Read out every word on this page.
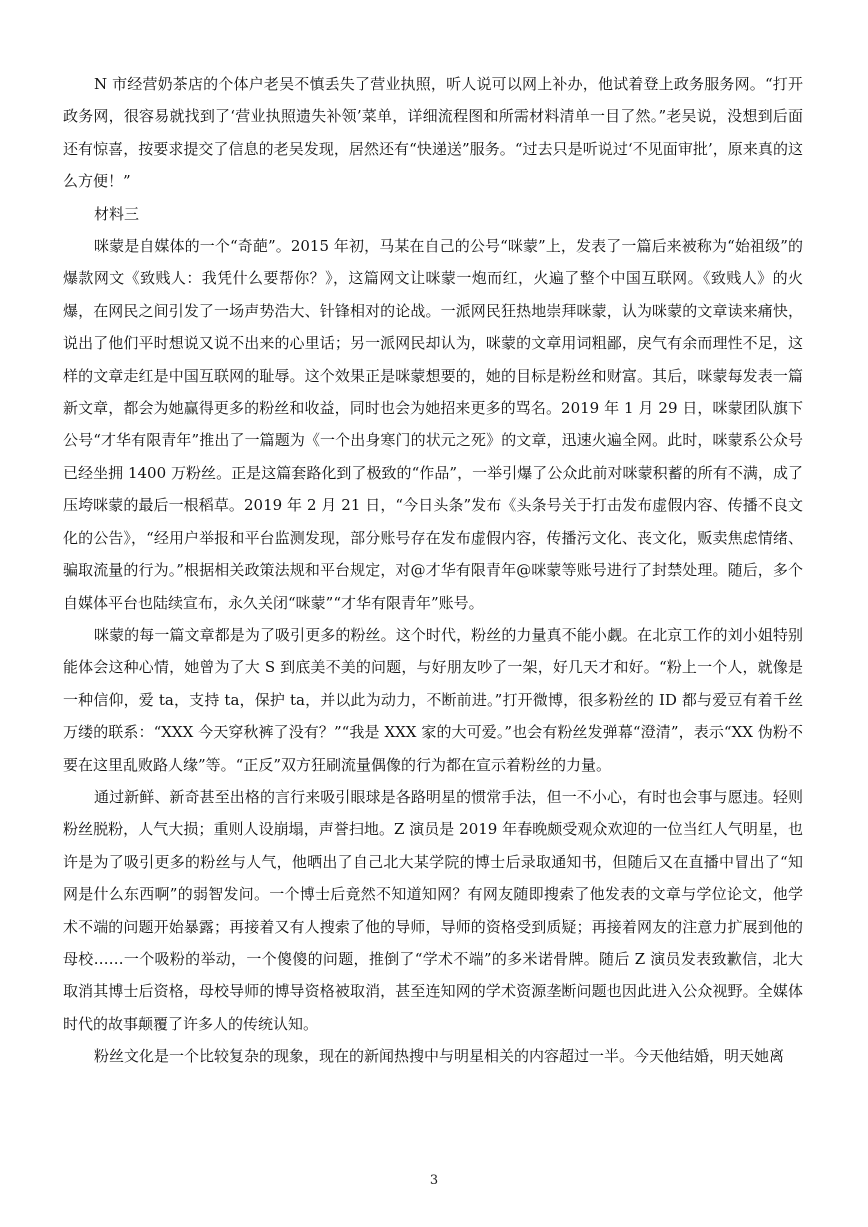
N 市经营奶茶店的个体户老吴不慎丢失了营业执照，听人说可以网上补办，他试着登上政务服务网。“打开政务网，很容易就找到了‘营业执照遗失补领’菜单，详细流程图和所需材料清单一目了然。”老吴说，没想到后面还有惊喜，按要求提交了信息的老吴发现，居然还有“快递送”服务。“过去只是听说过‘不见面审批’，原来真的这么方便！”

材料三

咪蒙是自媒体的一个“奇葩”。2015 年初，马某在自己的公号“咪蒙”上，发表了一篇后来被称为“始祖级”的爆款网文《致贱人：我凭什么要帮你？》，这篇网文让咪蒙一炮而红，火遍了整个中国互联网。《致贱人》的火爆，在网民之间引发了一场声势浩大、针锋相对的论战。一派网民狂热地崇拜咪蒙，认为咪蒙的文章读来痛快，说出了他们平时想说又说不出来的心里话；另一派网民却认为，咪蒙的文章用词粗鄙，戾气有余而理性不足，这样的文章走红是中国互联网的耻辱。这个效果正是咪蒙想要的，她的目标是粉丝和财富。其后，咪蒙每发表一篇新文章，都会为她赢得更多的粉丝和收益，同时也会为她招来更多的骂名。2019 年 1 月 29 日，咪蒙团队旗下公号“才华有限青年”推出了一篇题为《一个出身寒门的状元之死》的文章，迅速火遍全网。此时，咪蒙系公众号已经坐拥 1400 万粉丝。正是这篇套路化到了极致的“作品”，一举引爆了公众此前对咪蒙积蓄的所有不满，成了压垮咪蒙的最后一根稻草。2019 年 2 月 21 日，“今日头条”发布《头条号关于打击发布虚假内容、传播不良文化的公告》，“经用户举报和平台监测发现，部分账号存在发布虚假内容，传播污文化、丧文化，贩卖焦虑情绪、骗取流量的行为。”根据相关政策法规和平台规定，对@才华有限青年@咪蒙等账号进行了封禁处理。随后，多个自媒体平台也陆续宣布，永久关闭“咪蒙”“才华有限青年”账号。

咪蒙的每一篇文章都是为了吸引更多的粉丝。这个时代，粉丝的力量真不能小觑。在北京工作的刘小姐特别能体会这种心情，她曾为了大 S 到底美不美的问题，与好朋友吵了一架，好几天才和好。“粉上一个人，就像是一种信仰，爱 ta，支持 ta，保护 ta，并以此为动力，不断前进。”打开微博，很多粉丝的 ID 都与爱豆有着千丝万缕的联系：“XXX 今天穿秋裤了没有？”“我是 XXX 家的大可爱。”也会有粉丝发弹幕“澄清”，表示“XX 伪粉不要在这里乱败路人缘”等。“正反”双方狂刷流量偶像的行为都在宣示着粉丝的力量。

通过新鲜、新奇甚至出格的言行来吸引眼球是各路明星的惯常手法，但一不小心，有时也会事与愿违。轻则粉丝脱粉，人气大损；重则人设崩塌，声誉扫地。Z 演员是 2019 年春晚颇受观众欢迎的一位当红人气明星，也许是为了吸引更多的粉丝与人气，他晒出了自己北大某学院的博士后录取通知书，但随后又在直播中冒出了“知网是什么东西啊”的弱智发问。一个博士后竟然不知道知网？有网友随即搜索了他发表的文章与学位论文，他学术不端的问题开始暴露；再接着又有人搜索了他的导师，导师的资格受到质疑；再接着网友的注意力扩展到他的母校……一个吸粉的举动，一个傻傻的问题，推倒了“学术不端”的多米诺骨牌。随后 Z 演员发表致歉信，北大取消其博士后资格，母校导师的博导资格被取消，甚至连知网的学术资源垄断问题也因此进入公众视野。全媒体时代的故事颠覆了许多人的传统认知。

粉丝文化是一个比较复杂的现象，现在的新闻热搜中与明星相关的内容超过一半。今天他结婚，明天她离

3
